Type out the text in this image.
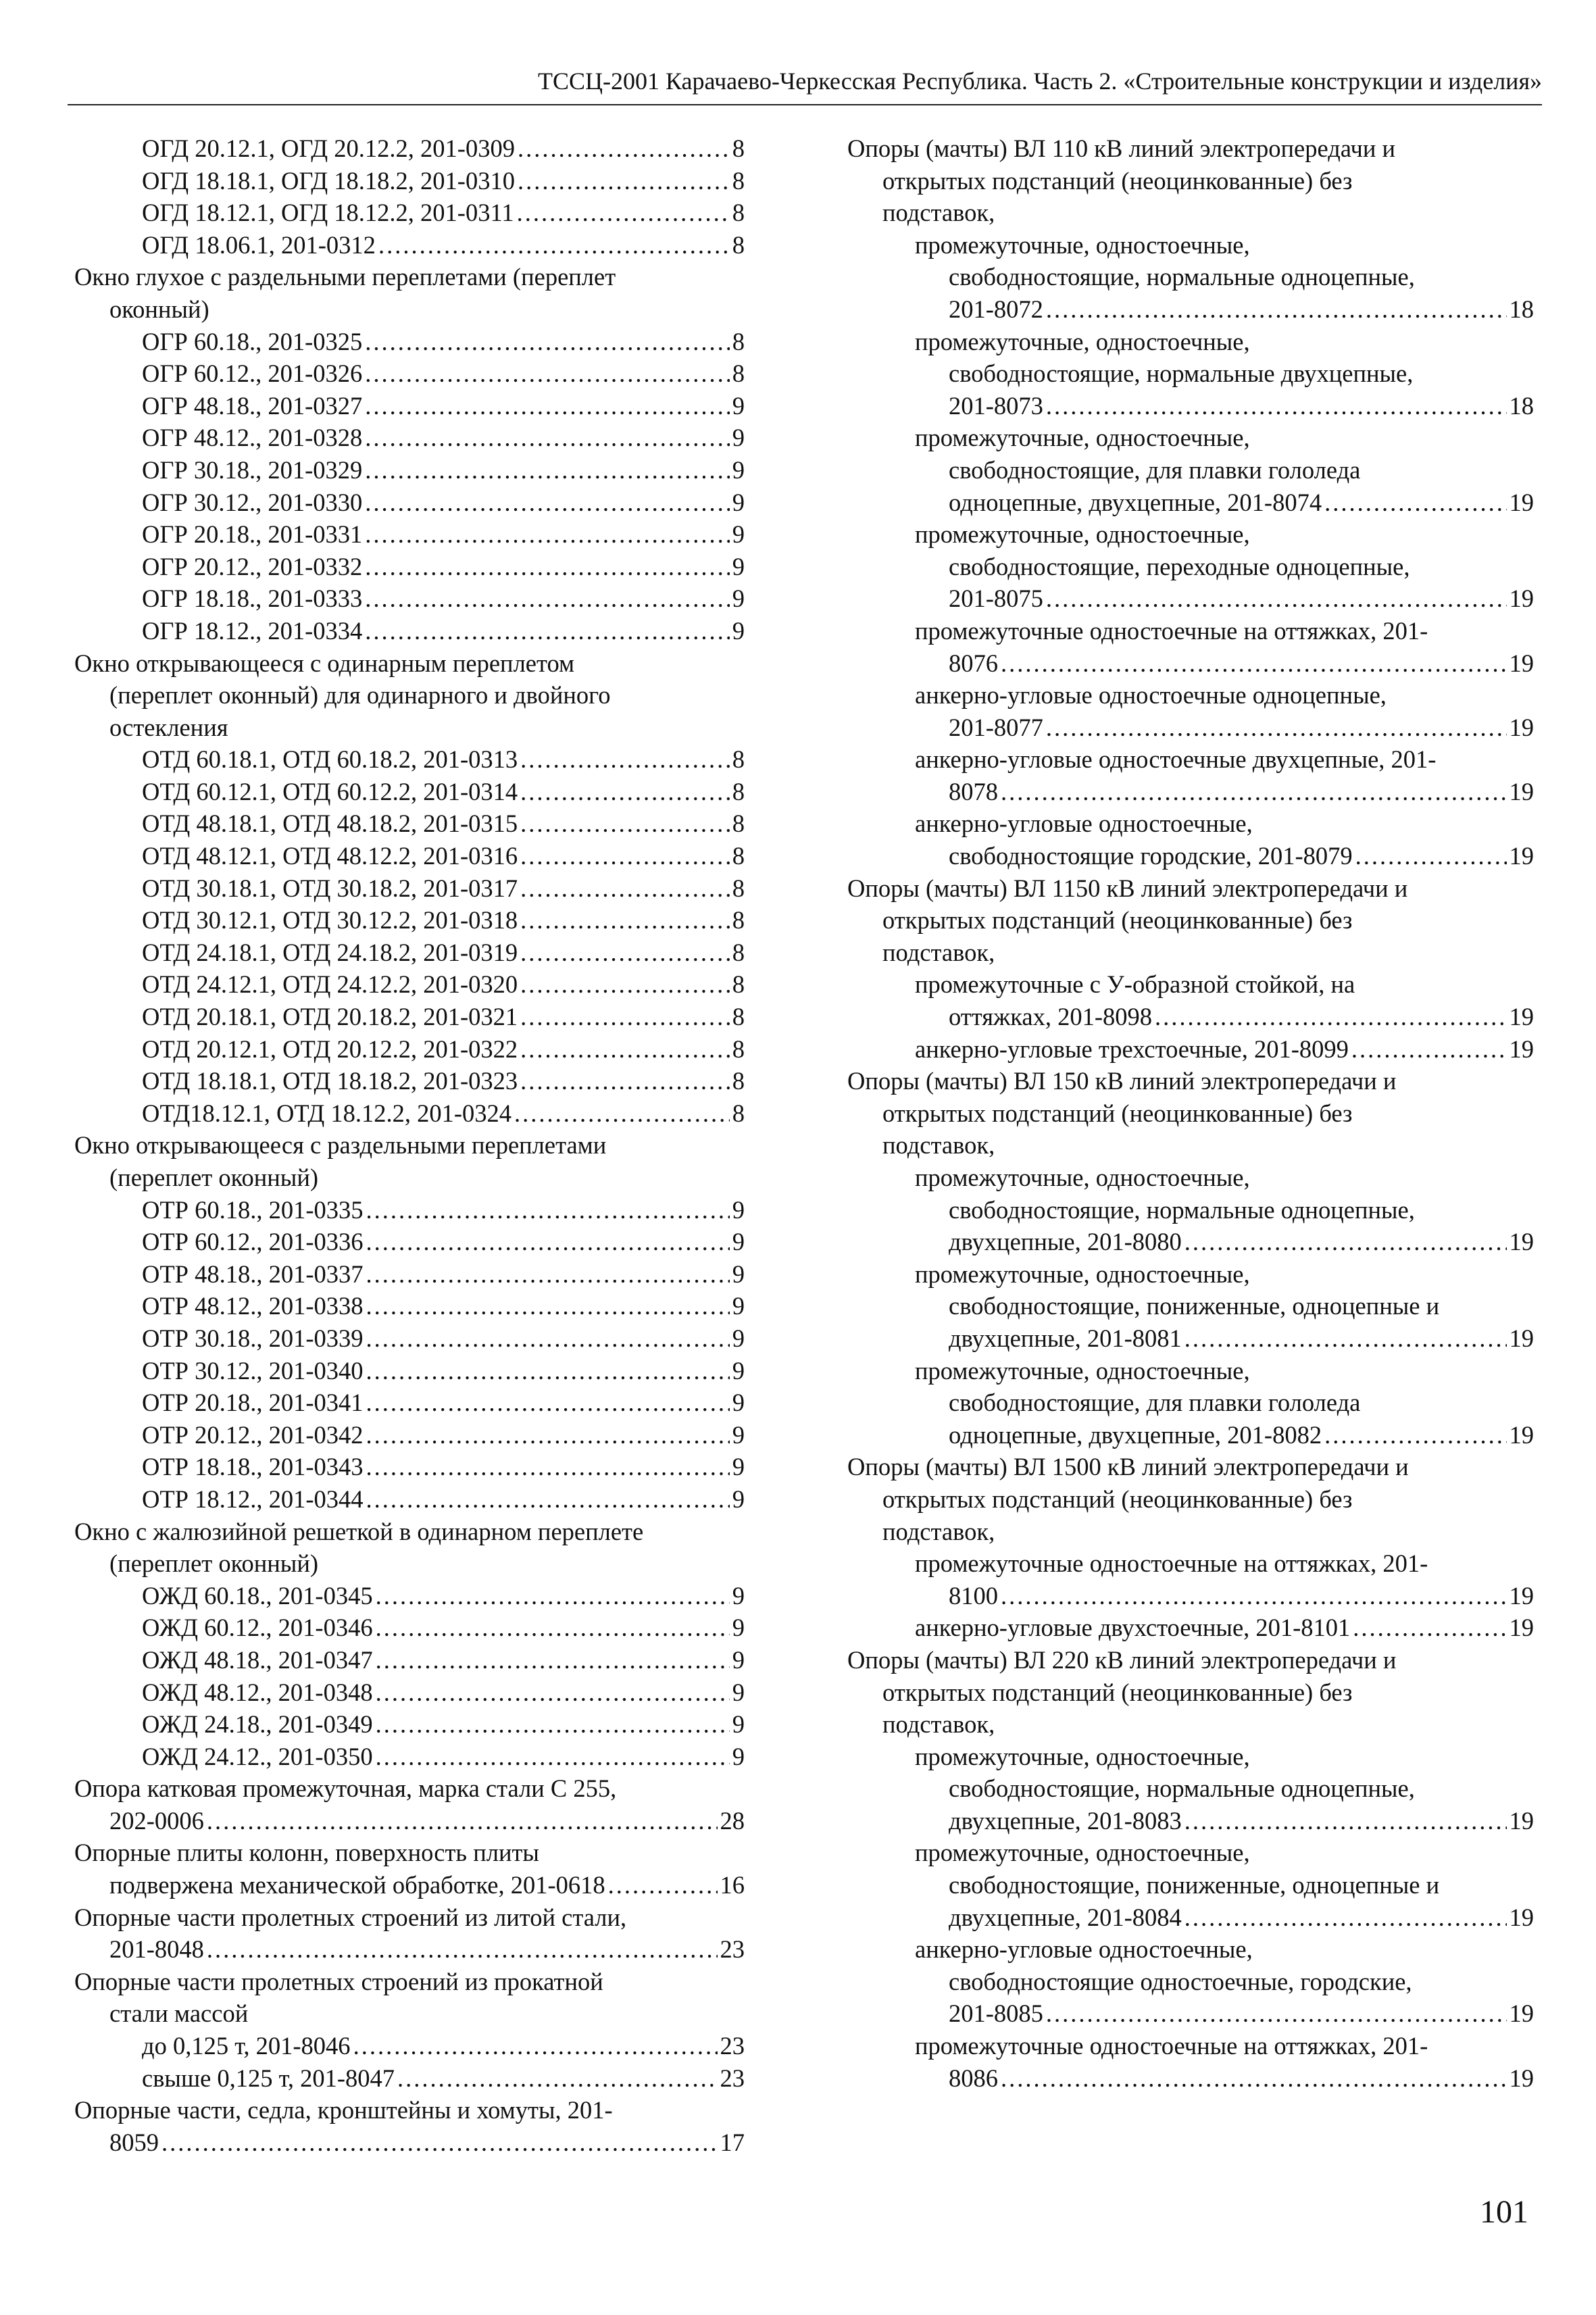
ТССЦ-2001 Карачаево-Черкесская Республика. Часть 2. «Строительные конструкции и изделия»
ОГД 20.12.1, ОГД 20.12.2, 201-0309 .....	8
ОГД 18.18.1, ОГД 18.18.2, 201-0310 .....	8
ОГД 18.12.1, ОГД 18.12.2, 201-0311 .....	8
ОГД 18.06.1, 201-0312 .....	8
Окно глухое с раздельными переплетами (переплет
оконный)
ОГР 60.18., 201-0325 .....	8
ОГР 60.12., 201-0326 .....	8
ОГР 48.18., 201-0327 .....	9
ОГР 48.12., 201-0328 .....	9
ОГР 30.18., 201-0329 .....	9
ОГР 30.12., 201-0330 .....	9
ОГР 20.18., 201-0331 .....	9
ОГР 20.12., 201-0332 .....	9
ОГР 18.18., 201-0333 .....	9
ОГР 18.12., 201-0334 .....	9
Окно открывающееся с одинарным переплетом
(переплет оконный) для одинарного и двойного
остекления
ОТД 60.18.1, ОТД 60.18.2, 201-0313 .....	8
ОТД 60.12.1, ОТД 60.12.2, 201-0314 .....	8
ОТД 48.18.1, ОТД 48.18.2, 201-0315 .....	8
ОТД 48.12.1, ОТД 48.12.2, 201-0316 .....	8
ОТД 30.18.1, ОТД 30.18.2, 201-0317 .....	8
ОТД 30.12.1, ОТД 30.12.2, 201-0318 .....	8
ОТД 24.18.1, ОТД 24.18.2, 201-0319 .....	8
ОТД 24.12.1, ОТД 24.12.2, 201-0320 .....	8
ОТД 20.18.1, ОТД 20.18.2, 201-0321 .....	8
ОТД 20.12.1, ОТД 20.12.2, 201-0322 .....	8
ОТД 18.18.1, ОТД 18.18.2, 201-0323 .....	8
ОТД18.12.1, ОТД 18.12.2, 201-0324 .....	8
Окно открывающееся с раздельными переплетами
(переплет оконный)
ОТР 60.18., 201-0335 .....	9
ОТР 60.12., 201-0336 .....	9
ОТР 48.18., 201-0337 .....	9
ОТР 48.12., 201-0338 .....	9
ОТР 30.18., 201-0339 .....	9
ОТР 30.12., 201-0340 .....	9
ОТР 20.18., 201-0341 .....	9
ОТР 20.12., 201-0342 .....	9
ОТР 18.18., 201-0343 .....	9
ОТР 18.12., 201-0344 .....	9
Окно с жалюзийной решеткой в одинарном переплете
(переплет оконный)
ОЖД 60.18., 201-0345 .....	9
ОЖД 60.12., 201-0346 .....	9
ОЖД 48.18., 201-0347 .....	9
ОЖД 48.12., 201-0348 .....	9
ОЖД 24.18., 201-0349 .....	9
ОЖД 24.12., 201-0350 .....	9
Опора катковая промежуточная, марка стали С 255,
202-0006 .....	28
Опорные плиты колонн, поверхность плиты
подвержена механической обработке, 201-0618 .....	16
Опорные части пролетных строений из литой стали,
201-8048 .....	23
Опорные части пролетных строений из прокатной
стали массой
до 0,125 т, 201-8046 .....	23
свыше 0,125 т, 201-8047 .....	23
Опорные части, седла, кронштейны и хомуты, 201-
8059 .....	17
Опоры (мачты) ВЛ 110 кВ линий электропередачи и
открытых подстанций (неоцинкованные) без
подставок,
промежуточные, одностоечные,
свободностоящие, нормальные одноцепные,
201-8072 .....	18
промежуточные, одностоечные,
свободностоящие, нормальные двухцепные,
201-8073 .....	18
промежуточные, одностоечные,
свободностоящие, для плавки гололеда
одноцепные, двухцепные, 201-8074 .....	19
промежуточные, одностоечные,
свободностоящие, переходные одноцепные,
201-8075 .....	19
промежуточные одностоечные на оттяжках, 201-
8076 .....	19
анкерно-угловые одностоечные одноцепные,
201-8077 .....	19
анкерно-угловые одностоечные двухцепные, 201-
8078 .....	19
анкерно-угловые одностоечные,
свободностоящие городские, 201-8079 .....	19
Опоры (мачты) ВЛ 1150 кВ линий электропередачи и
открытых подстанций (неоцинкованные) без
подставок,
промежуточные с У-образной стойкой, на
оттяжках, 201-8098 .....	19
анкерно-угловые трехстоечные, 201-8099 .....	19
Опоры (мачты) ВЛ 150 кВ линий электропередачи и
открытых подстанций (неоцинкованные) без
подставок,
промежуточные, одностоечные,
свободностоящие, нормальные одноцепные,
двухцепные, 201-8080 .....	19
промежуточные, одностоечные,
свободностоящие, пониженные, одноцепные и
двухцепные, 201-8081 .....	19
промежуточные, одностоечные,
свободностоящие, для плавки гололеда
одноцепные, двухцепные, 201-8082 .....	19
Опоры (мачты) ВЛ 1500 кВ линий электропередачи и
открытых подстанций (неоцинкованные) без
подставок,
промежуточные одностоечные на оттяжках, 201-
8100 .....	19
анкерно-угловые двухстоечные, 201-8101 .....	19
Опоры (мачты) ВЛ 220 кВ линий электропередачи и
открытых подстанций (неоцинкованные) без
подставок,
промежуточные, одностоечные,
свободностоящие, нормальные одноцепные,
двухцепные, 201-8083 .....	19
промежуточные, одностоечные,
свободностоящие, пониженные, одноцепные и
двухцепные, 201-8084 .....	19
анкерно-угловые одностоечные,
свободностоящие одностоечные, городские,
201-8085 .....	19
промежуточные одностоечные на оттяжках, 201-
8086 .....	19
101
